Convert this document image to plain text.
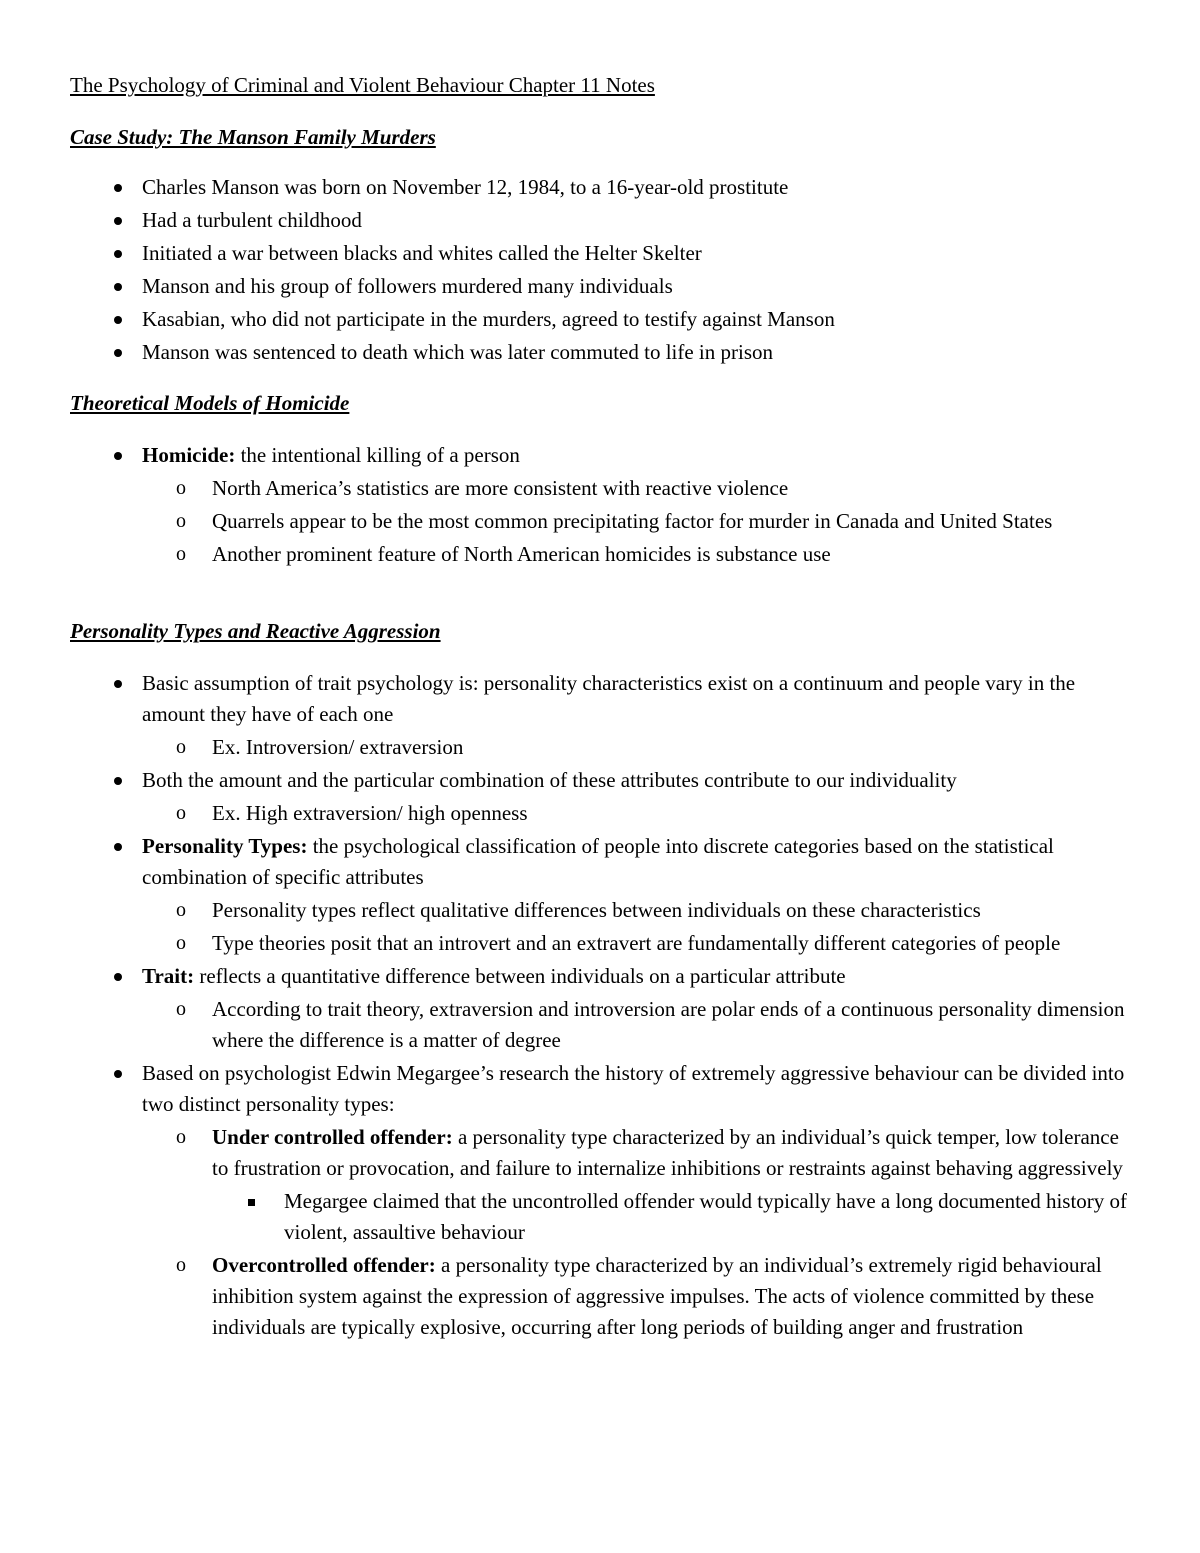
The Psychology of Criminal and Violent Behaviour Chapter 11 Notes
Case Study: The Manson Family Murders
Charles Manson was born on November 12, 1984, to a 16-year-old prostitute
Had a turbulent childhood
Initiated a war between blacks and whites called the Helter Skelter
Manson and his group of followers murdered many individuals
Kasabian, who did not participate in the murders, agreed to testify against Manson
Manson was sentenced to death which was later commuted to life in prison
Theoretical Models of Homicide
Homicide: the intentional killing of a person
o North America’s statistics are more consistent with reactive violence
o Quarrels appear to be the most common precipitating factor for murder in Canada and United States
o Another prominent feature of North American homicides is substance use
Personality Types and Reactive Aggression
Basic assumption of trait psychology is: personality characteristics exist on a continuum and people vary in the amount they have of each one
o Ex. Introversion/ extraversion
Both the amount and the particular combination of these attributes contribute to our individuality
o Ex. High extraversion/ high openness
Personality Types: the psychological classification of people into discrete categories based on the statistical combination of specific attributes
o Personality types reflect qualitative differences between individuals on these characteristics
o Type theories posit that an introvert and an extravert are fundamentally different categories of people
Trait: reflects a quantitative difference between individuals on a particular attribute
o According to trait theory, extraversion and introversion are polar ends of a continuous personality dimension where the difference is a matter of degree
Based on psychologist Edwin Megargee’s research the history of extremely aggressive behaviour can be divided into two distinct personality types:
o Under controlled offender: a personality type characterized by an individual’s quick temper, low tolerance to frustration or provocation, and failure to internalize inhibitions or restraints against behaving aggressively
Megargee claimed that the uncontrolled offender would typically have a long documented history of violent, assaultive behaviour
o Overcontrolled offender: a personality type characterized by an individual’s extremely rigid behavioural inhibition system against the expression of aggressive impulses. The acts of violence committed by these individuals are typically explosive, occurring after long periods of building anger and frustration
